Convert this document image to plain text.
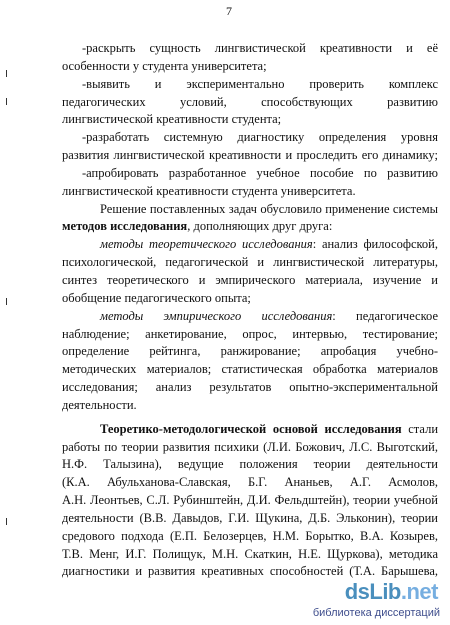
7
-раскрыть сущность лингвистической креативности и её
особенности у студента университета;
-выявить и экспериментально проверить комплекс
педагогических условий, способствующих развитию
лингвистической креативности студента;
-разработать системную диагностику определения уровня
развития лингвистической креативности и проследить его динамику;
-апробировать разработанное учебное пособие по развитию
лингвистической креативности студента университета.
Решение поставленных задач обусловило применение системы
методов исследования, дополняющих друг друга:
методы теоретического исследования: анализ философской,
психологической, педагогической и лингвистической литературы,
синтез теоретического и эмпирического материала, изучение и
обобщение педагогического опыта;
методы эмпирического исследования: педагогическое
наблюдение; анкетирование, опрос, интервью, тестирование;
определение рейтинга, ранжирование; апробация учебно-
методических материалов; статистическая обработка материалов
исследования; анализ результатов опытно-экспериментальной
деятельности.
Теоретико-методологической основой исследования стали
работы по теории развития психики (Л.И. Божович, Л.С. Выготский,
Н.Ф. Талызина), ведущие положения теории деятельности
(К.А. Абульханова-Славская, Б.Г. Ананьев, А.Г. Асмолов,
А.Н. Леонтьев, С.Л. Рубинштейн, Д.И. Фельдштейн), теории учебной
деятельности (В.В. Давыдов, Г.И. Щукина, Д.Б. Эльконин), теории
средового подхода (Е.П. Белозерцев, Н.М. Борытко, В.А. Козырев,
Т.В. Менг, И.Г. Полищук, М.Н. Скаткин, Н.Е. Щуркова), методика
диагностики и развития креативных способностей (Т.А. Барышева,
dsLib.net
библиотека диссертаций
